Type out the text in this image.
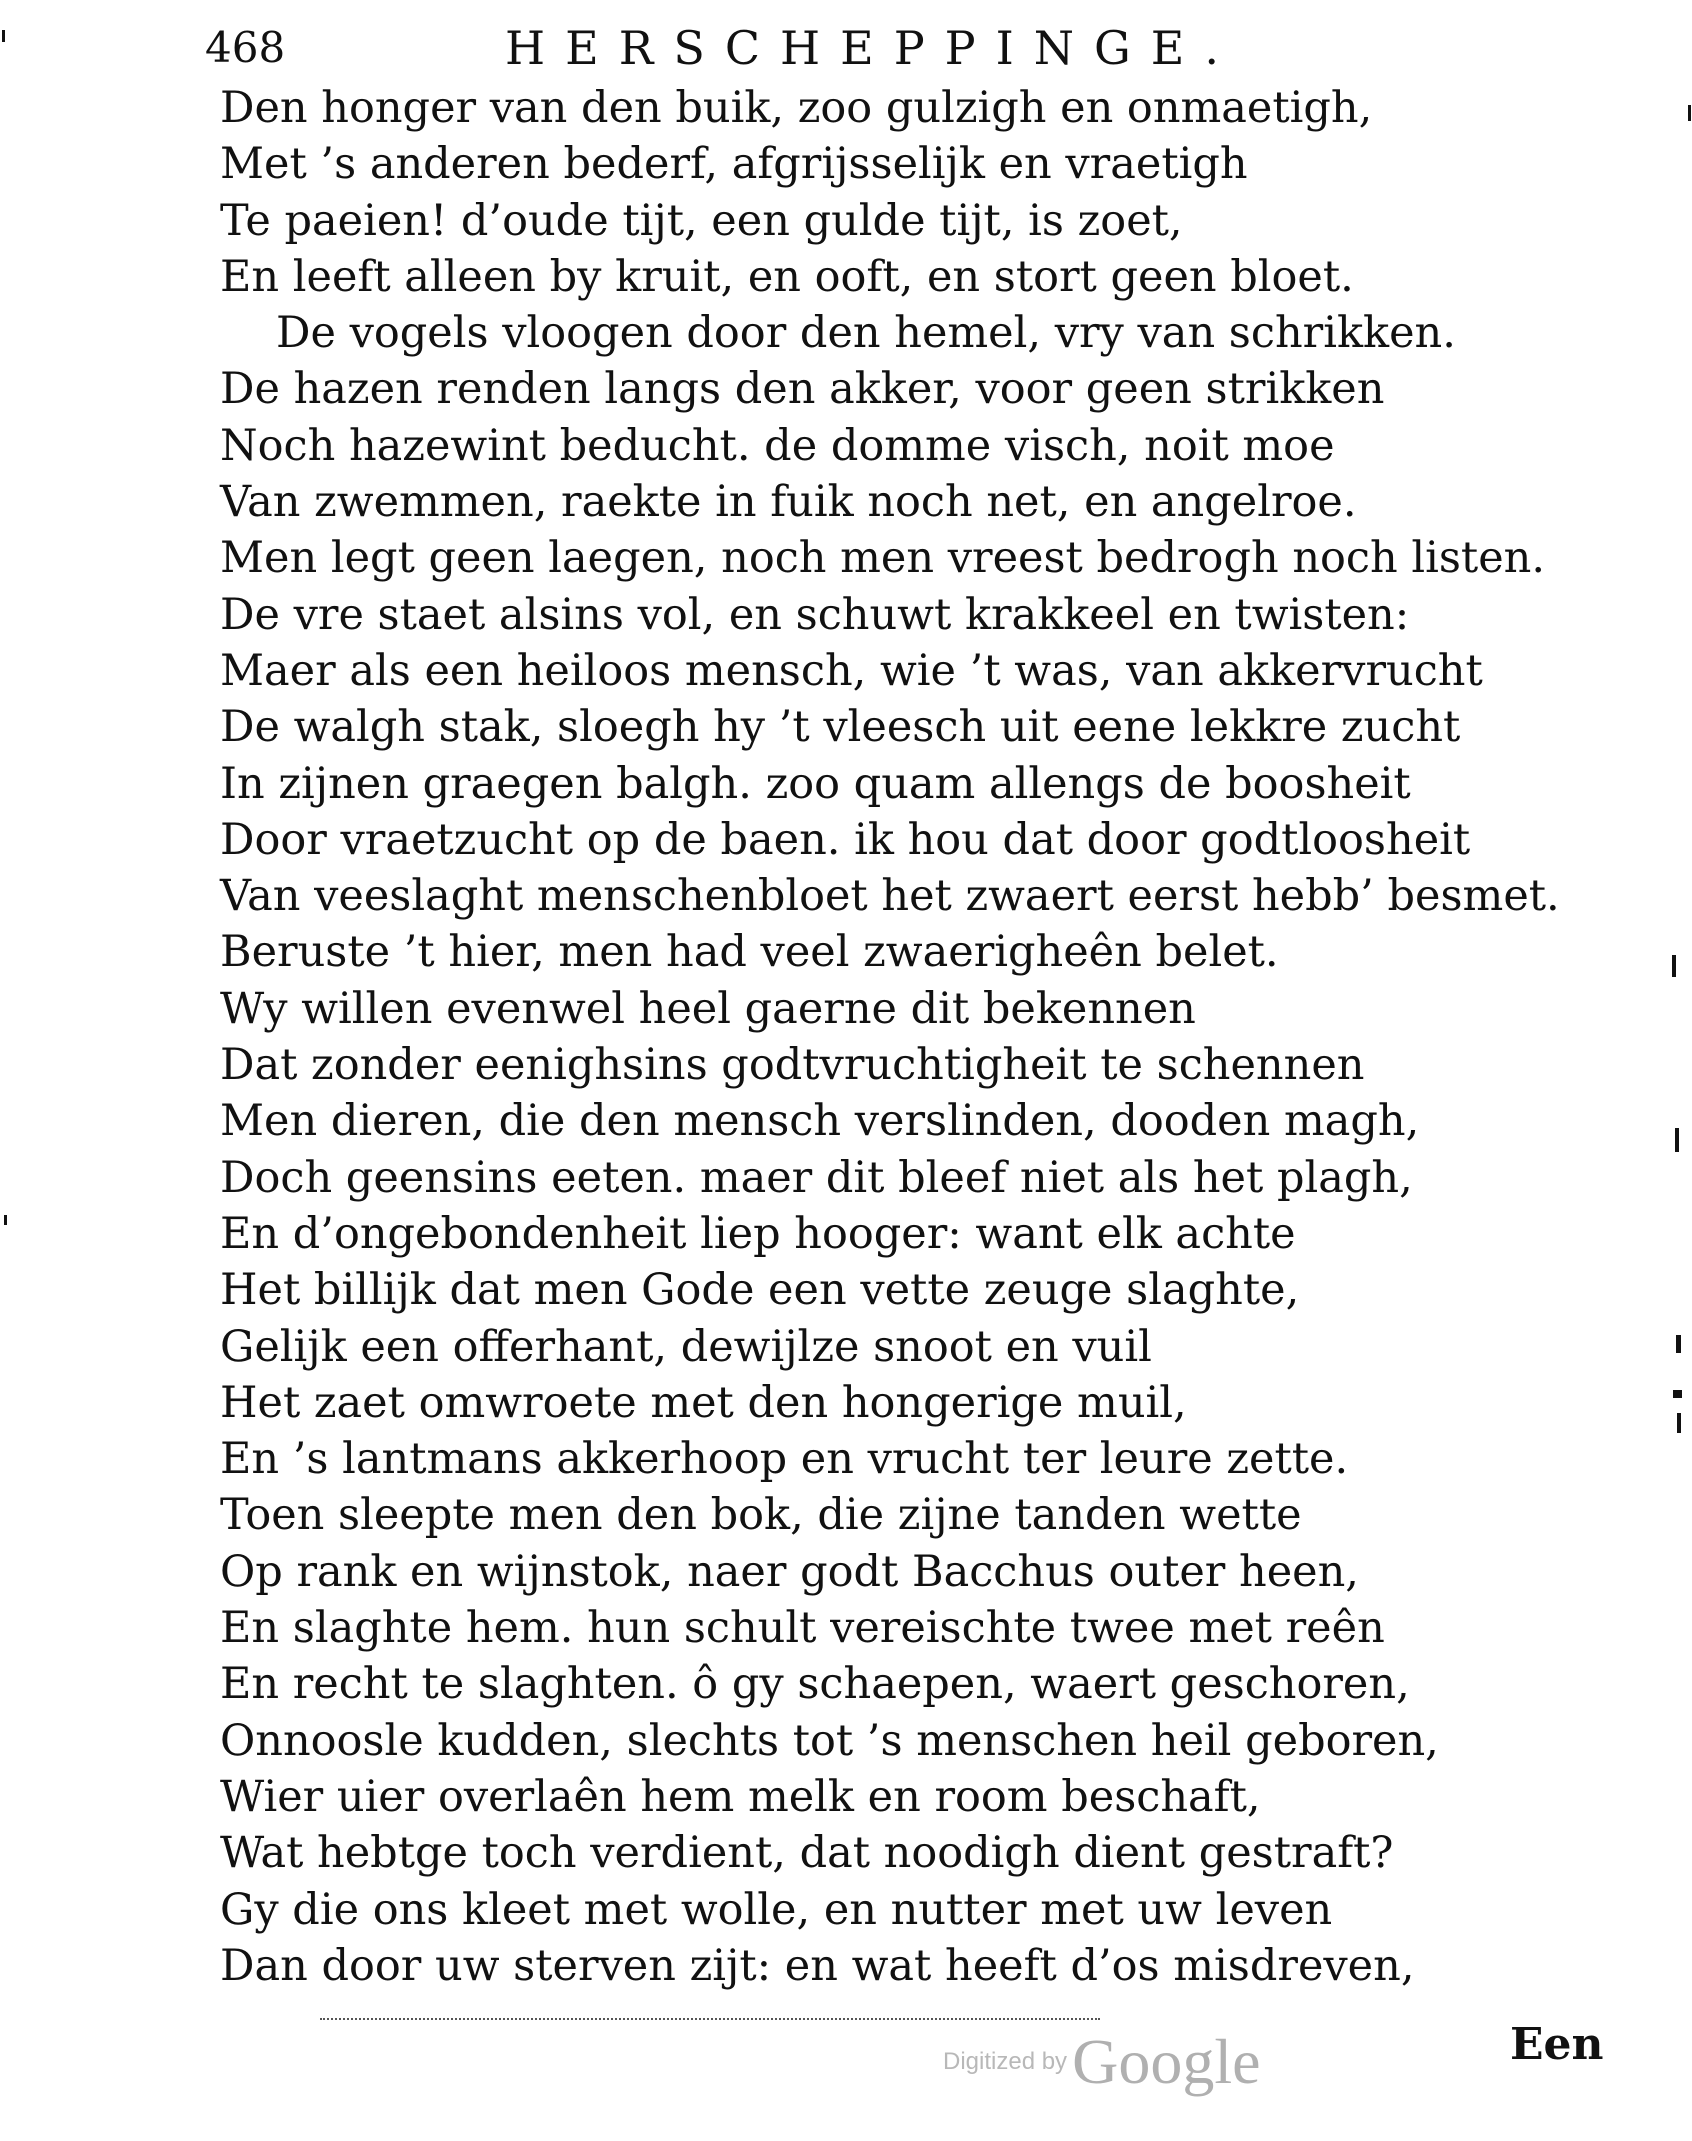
468	HERSCHEPPINGE.
Den honger van den buik, zoo gulzigh en onmaetigh,
Met ’s anderen bederf, afgrijsselijk en vraetigh
Te paeien! d’oude tijt, een gulde tijt, is zoet,
En leeft alleen by kruit, en ooft, en stort geen bloet.
De vogels vloogen door den hemel, vry van schrikken.
De hazen renden langs den akker, voor geen strikken
Noch hazewint beducht. de domme visch, noit moe
Van zwemmen, raekte in fuik noch net, en angelroe.
Men legt geen laegen, noch men vreest bedrogh noch listen.
De vre staet alsins vol, en schuwt krakkeel en twisten:
Maer als een heiloos mensch, wie ’t was, van akkervrucht
De walgh stak, sloegh hy ’t vleesch uit eene lekkre zucht
In zijnen graegen balgh. zoo quam allengs de boosheit
Door vraetzucht op de baen. ik hou dat door godtloosheit
Van veeslaght menschenbloet het zwaert eerst hebb’ besmet.
Beruste ’t hier, men had veel zwaerigheên belet.
Wy willen evenwel heel gaerne dit bekennen
Dat zonder eenighsins godtvruchtigheit te schennen
Men dieren, die den mensch verslinden, dooden magh,
Doch geensins eeten. maer dit bleef niet als het plagh,
En d’ongebondenheit liep hooger: want elk achte
Het billijk dat men Gode een vette zeuge slaghte,
Gelijk een offerhant, dewijlze snoot en vuil
Het zaet omwroete met den hongerige muil,
En ’s lantmans akkerhoop en vrucht ter leure zette.
Toen sleepte men den bok, die zijne tanden wette
Op rank en wijnstok, naer godt Bacchus outer heen,
En slaghte hem. hun schult vereischte twee met reên
En recht te slaghten. ô gy schaepen, waert geschoren,
Onnoosle kudden, slechts tot ’s menschen heil geboren,
Wier uier overlaên hem melk en room beschaft,
Wat hebtge toch verdient, dat noodigh dient gestraft?
Gy die ons kleet met wolle, en nutter met uw leven
Dan door uw sterven zijt: en wat heeft d’os misdreven,
Digitized by Google	Een
